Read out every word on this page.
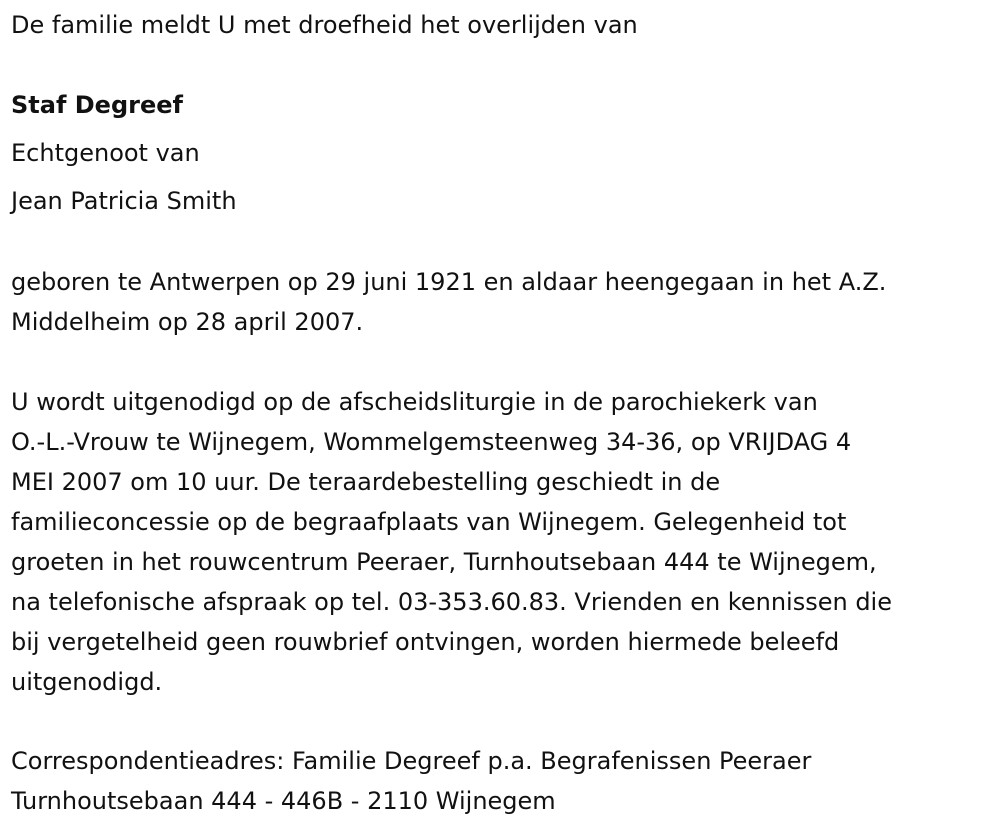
De familie meldt U met droefheid het overlijden van

Staf Degreef
Echtgenoot van
Jean Patricia Smith

geboren te Antwerpen op 29 juni 1921 en aldaar heengegaan in het A.Z.
Middelheim op 28 april 2007.

U wordt uitgenodigd op de afscheidsliturgie in de parochiekerk van
O.-L.-Vrouw te Wijnegem, Wommelgemsteenweg 34-36, op VRIJDAG 4
MEI 2007 om 10 uur. De teraardebestelling geschiedt in de
familieconcessie op de begraafplaats van Wijnegem. Gelegenheid tot
groeten in het rouwcentrum Peeraer, Turnhoutsebaan 444 te Wijnegem,
na telefonische afspraak op tel. 03-353.60.83. Vrienden en kennissen die
bij vergetelheid geen rouwbrief ontvingen, worden hiermede beleefd
uitgenodigd.

Correspondentieadres: Familie Degreef p.a. Begrafenissen Peeraer
Turnhoutsebaan 444 - 446B - 2110 Wijnegem
